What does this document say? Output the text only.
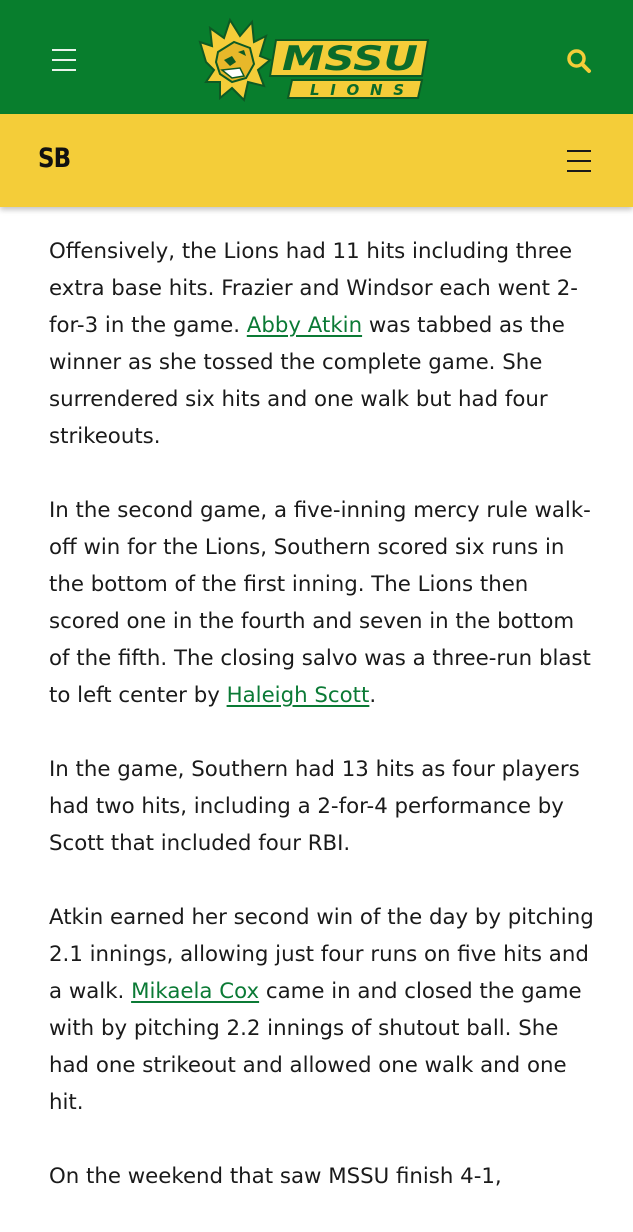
MSSU
LIONS
SB

Offensively, the Lions had 11 hits including three extra base hits. Frazier and Windsor each went 2-for-3 in the game. Abby Atkin was tabbed as the winner as she tossed the complete game. She surrendered six hits and one walk but had four strikeouts.

In the second game, a five-inning mercy rule walk-off win for the Lions, Southern scored six runs in the bottom of the first inning. The Lions then scored one in the fourth and seven in the bottom of the fifth. The closing salvo was a three-run blast to left center by Haleigh Scott.

In the game, Southern had 13 hits as four players had two hits, including a 2-for-4 performance by Scott that included four RBI.

Atkin earned her second win of the day by pitching 2.1 innings, allowing just four runs on five hits and a walk. Mikaela Cox came in and closed the game with by pitching 2.2 innings of shutout ball. She had one strikeout and allowed one walk and one hit.

On the weekend that saw MSSU finish 4-1,
